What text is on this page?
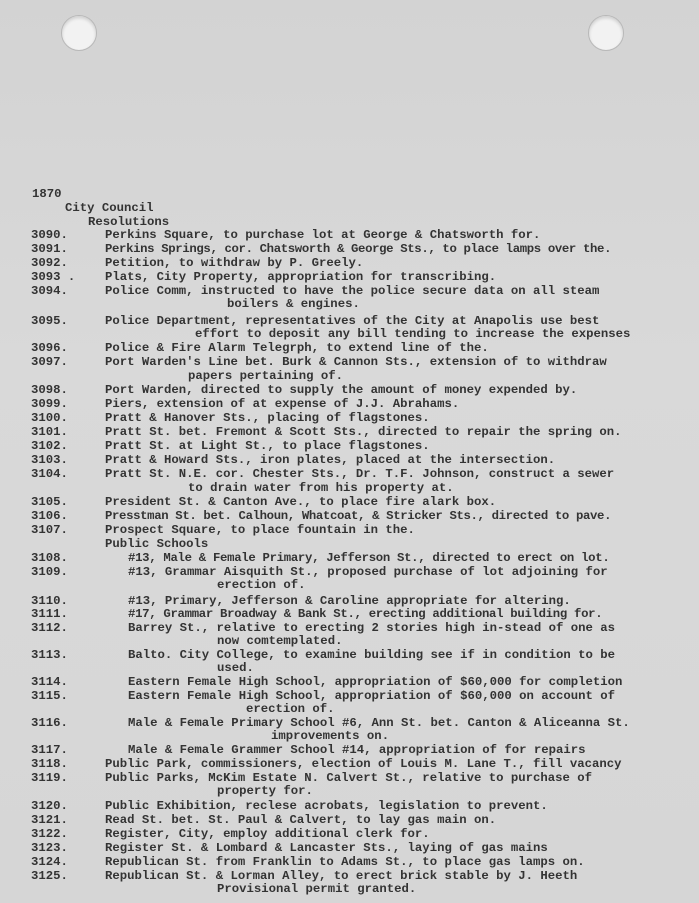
1870
City Council
Resolutions
3090.	Perkins Square, to purchase lot at George & Chatsworth for.
3091.	Perkins Springs, cor. Chatsworth & George Sts., to place lamps over the.
3092.	Petition, to withdraw by P. Greely.
3093 . Plats, City Property, appropriation for transcribing.
3094.	Police Comm, instructed to have the police secure data on all steam
boilers & engines.
3095.	Police Department, representatives of the City at Anapolis use best
effort to deposit any bill tending to increase the expenses
3096.	Police & Fire Alarm Telegrph, to extend line of the.
3097.	Port Warden's Line bet. Burk & Cannon Sts., extension of to withdraw
papers pertaining of.
3098.	Port Warden, directed to supply the amount of money expended by.
3099.	Piers, extension of at expense of J.J. Abrahams.
3100.	Pratt & Hanover Sts., placing of flagstones.
3101.	Pratt St. bet. Fremont & Scott Sts., directed to repair the spring on.
3102.	Pratt St. at Light St., to place flagstones.
3103.	Pratt & Howard Sts., iron plates, placed at the intersection.
3104.	Pratt St. N.E. cor. Chester Sts., Dr. T.F. Johnson, construct a sewer
to drain water from his property at.
3105.	President St. & Canton Ave., to place fire alark box.
3106.	Presstman St. bet. Calhoun, Whatcoat, & Stricker Sts., directed to pave.
3107.	Prospect Square, to place fountain in the.
Public Schools
3108.	#13, Male & Female Primary, Jefferson St., directed to erect on lot.
3109.	#13, Grammar Aisquith St., proposed purchase of lot adjoining for
erection of.
3110.	#13, Primary, Jefferson & Caroline appropriate for altering.
3111.	#17, Grammar Broadway & Bank St., erecting additional building for.
3112.	Barrey St., relative to erecting 2 stories high in-stead of one as
now comtemplated.
3113.	Balto. City College, to examine building see if in condition to be
used.
3114.	Eastern Female High School, appropriation of $60,000 for completion
3115.	Eastern Female High School, appropriation of $60,000 on account of
erection of.
3116.	Male & Female Primary School #6, Ann St. bet. Canton & Aliceanna St.
improvements on.
3117.	Male & Female Grammer School #14, appropriation of for repairs
3118.	Public Park, commissioners, election of Louis M. Lane T., fill vacancy
3119.	Public Parks, McKim Estate N. Calvert St., relative to purchase of
property for.
3120.	Public Exhibition, reclese acrobats, legislation to prevent.
3121.	Read St. bet. St. Paul & Calvert, to lay gas main on.
3122.	Register, City, employ additional clerk for.
3123.	Register St. & Lombard & Lancaster Sts., laying of gas mains
3124.	Republican St. from Franklin to Adams St., to place gas lamps on.
3125.	Republican St. & Lorman Alley, to erect brick stable by J. Heeth
Provisional permit granted.
